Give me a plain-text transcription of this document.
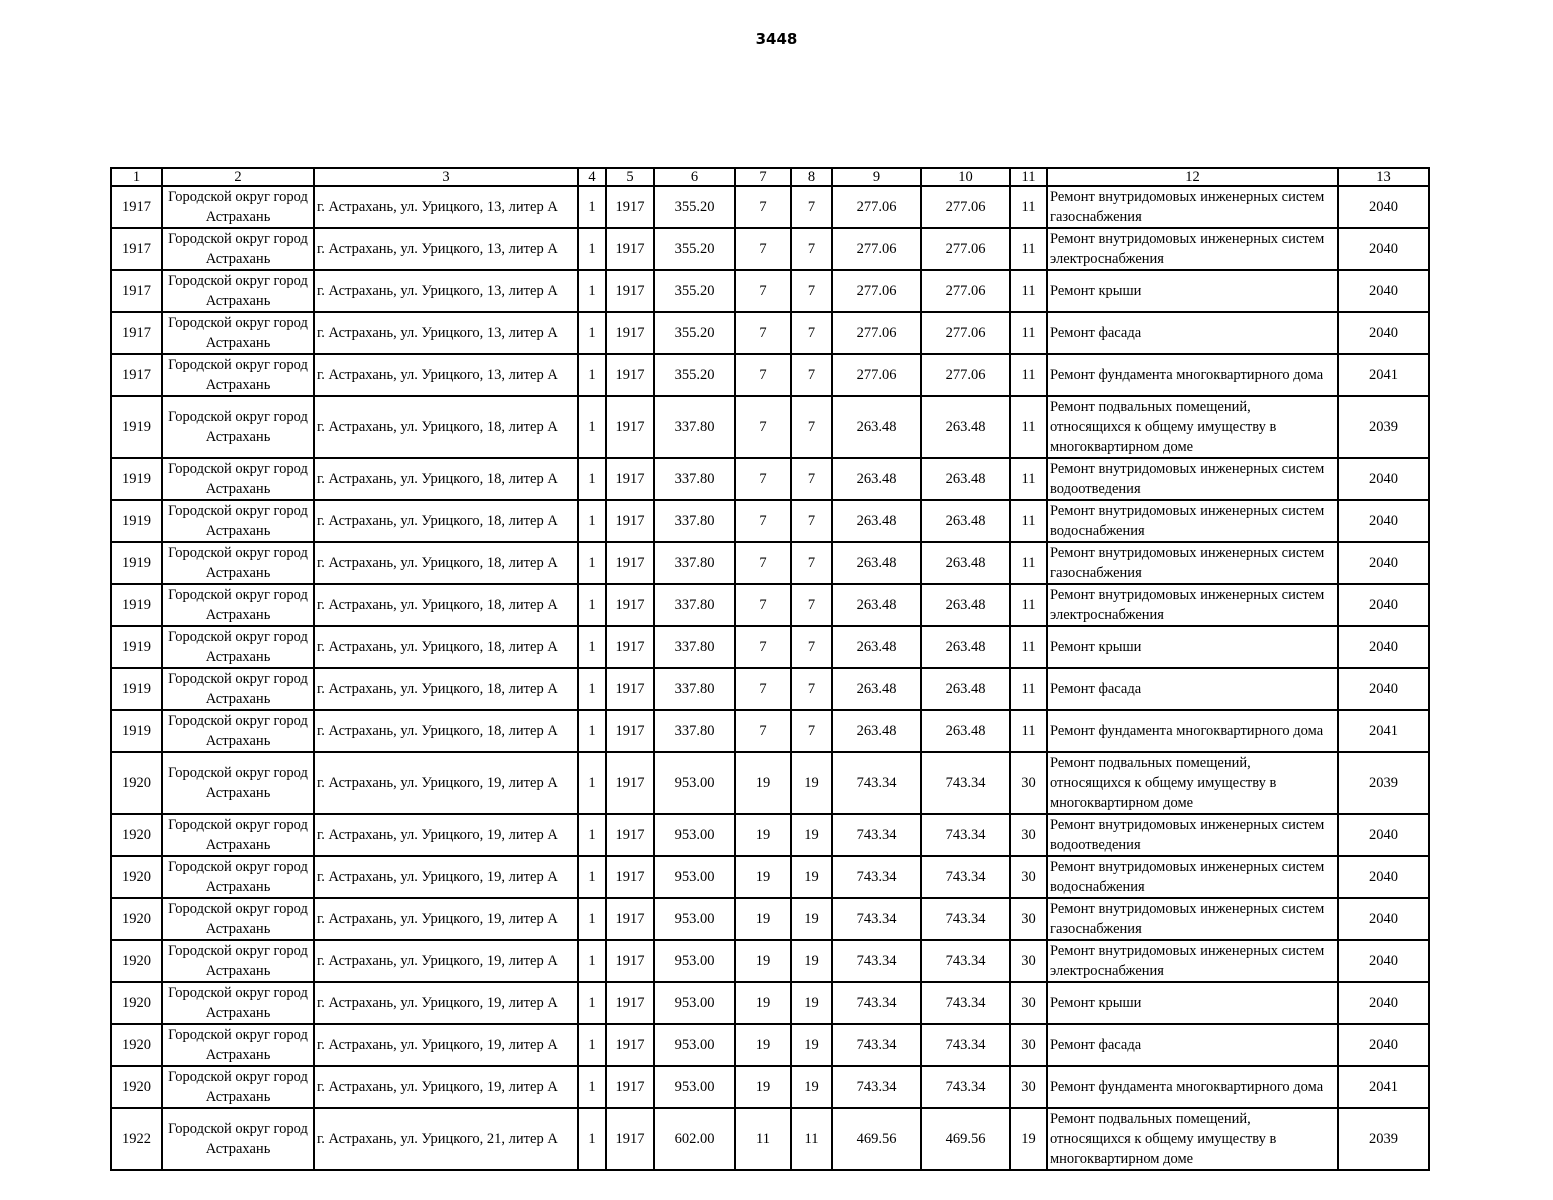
3448
1	2	3	4	5	6	7	8	9	10	11	12	13

1917	Городской округ город Астрахань	г. Астрахань, ул. Урицкого, 13, литер А	1	1917	355.20	7	7	277.06	277.06	11	Ремонт внутридомовых инженерных систем газоснабжения	2040

1917	Городской округ город Астрахань	г. Астрахань, ул. Урицкого, 13, литер А	1	1917	355.20	7	7	277.06	277.06	11	Ремонт внутридомовых инженерных систем электроснабжения	2040

1917	Городской округ город Астрахань	г. Астрахань, ул. Урицкого, 13, литер А	1	1917	355.20	7	7	277.06	277.06	11	Ремонт крыши	2040

1917	Городской округ город Астрахань	г. Астрахань, ул. Урицкого, 13, литер А	1	1917	355.20	7	7	277.06	277.06	11	Ремонт фасада	2040

1917	Городской округ город Астрахань	г. Астрахань, ул. Урицкого, 13, литер А	1	1917	355.20	7	7	277.06	277.06	11	Ремонт фундамента многоквартирного дома	2041

1919	Городской округ город Астрахань	г. Астрахань, ул. Урицкого, 18, литер А	1	1917	337.80	7	7	263.48	263.48	11	Ремонт подвальных помещений, относящихся к общему имуществу в многоквартирном доме	2039

1919	Городской округ город Астрахань	г. Астрахань, ул. Урицкого, 18, литер А	1	1917	337.80	7	7	263.48	263.48	11	Ремонт внутридомовых инженерных систем водоотведения	2040

1919	Городской округ город Астрахань	г. Астрахань, ул. Урицкого, 18, литер А	1	1917	337.80	7	7	263.48	263.48	11	Ремонт внутридомовых инженерных систем водоснабжения	2040

1919	Городской округ город Астрахань	г. Астрахань, ул. Урицкого, 18, литер А	1	1917	337.80	7	7	263.48	263.48	11	Ремонт внутридомовых инженерных систем газоснабжения	2040

1919	Городской округ город Астрахань	г. Астрахань, ул. Урицкого, 18, литер А	1	1917	337.80	7	7	263.48	263.48	11	Ремонт внутридомовых инженерных систем электроснабжения	2040

1919	Городской округ город Астрахань	г. Астрахань, ул. Урицкого, 18, литер А	1	1917	337.80	7	7	263.48	263.48	11	Ремонт крыши	2040

1919	Городской округ город Астрахань	г. Астрахань, ул. Урицкого, 18, литер А	1	1917	337.80	7	7	263.48	263.48	11	Ремонт фасада	2040

1919	Городской округ город Астрахань	г. Астрахань, ул. Урицкого, 18, литер А	1	1917	337.80	7	7	263.48	263.48	11	Ремонт фундамента многоквартирного дома	2041

1920	Городской округ город Астрахань	г. Астрахань, ул. Урицкого, 19, литер А	1	1917	953.00	19	19	743.34	743.34	30	Ремонт подвальных помещений, относящихся к общему имуществу в многоквартирном доме	2039

1920	Городской округ город Астрахань	г. Астрахань, ул. Урицкого, 19, литер А	1	1917	953.00	19	19	743.34	743.34	30	Ремонт внутридомовых инженерных систем водоотведения	2040

1920	Городской округ город Астрахань	г. Астрахань, ул. Урицкого, 19, литер А	1	1917	953.00	19	19	743.34	743.34	30	Ремонт внутридомовых инженерных систем водоснабжения	2040

1920	Городской округ город Астрахань	г. Астрахань, ул. Урицкого, 19, литер А	1	1917	953.00	19	19	743.34	743.34	30	Ремонт внутридомовых инженерных систем газоснабжения	2040

1920	Городской округ город Астрахань	г. Астрахань, ул. Урицкого, 19, литер А	1	1917	953.00	19	19	743.34	743.34	30	Ремонт внутридомовых инженерных систем электроснабжения	2040

1920	Городской округ город Астрахань	г. Астрахань, ул. Урицкого, 19, литер А	1	1917	953.00	19	19	743.34	743.34	30	Ремонт крыши	2040

1920	Городской округ город Астрахань	г. Астрахань, ул. Урицкого, 19, литер А	1	1917	953.00	19	19	743.34	743.34	30	Ремонт фасада	2040

1920	Городской округ город Астрахань	г. Астрахань, ул. Урицкого, 19, литер А	1	1917	953.00	19	19	743.34	743.34	30	Ремонт фундамента многоквартирного дома	2041

1922	Городской округ город Астрахань	г. Астрахань, ул. Урицкого, 21, литер А	1	1917	602.00	11	11	469.56	469.56	19	Ремонт подвальных помещений, относящихся к общему имуществу в многоквартирном доме	2039
